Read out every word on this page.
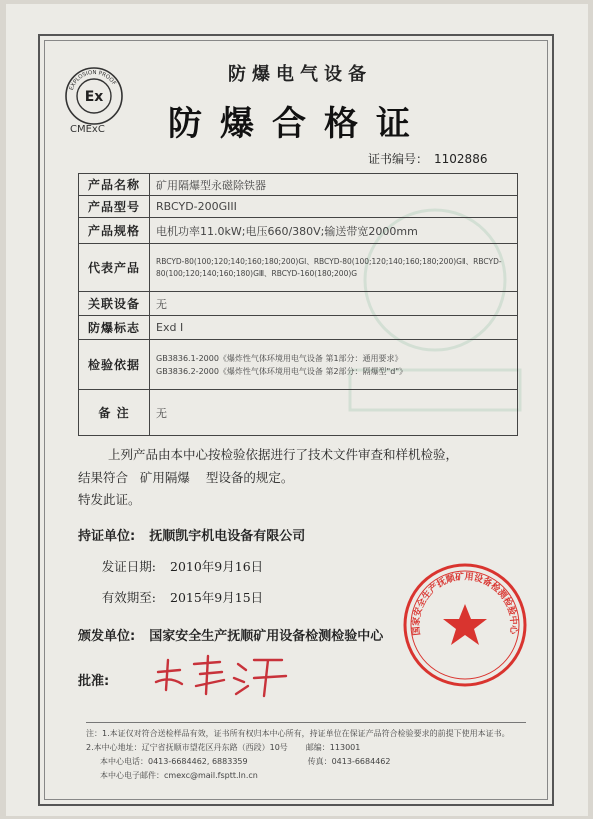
Ex
EXPLOSION PROOF
CMExC
防爆电气设备
防爆合格证
证书编号： 1102886
产品名称	矿用隔爆型永磁除铁器
产品型号	RBCYD-200GIII
产品规格	电机功率11.0kW;电压660/380V;输送带宽2000mm
代表产品	RBCYD-80(100;120;140;160;180;200)GⅠ、RBCYD-80(100;120;140;160;180;200)GⅡ、RBCYD-80(100;120;140;160;180)GⅢ、RBCYD-160(180;200)G
关联设备	无
防爆标志	Exd I
检验依据	GB3836.1-2000《爆炸性气体环境用电气设备 第1部分：通用要求》
GB3836.2-2000《爆炸性气体环境用电气设备 第2部分：隔爆型"d"》

备 注	无
上列产品由本中心按检验依据进行了技术文件审查和样机检验，
结果符合   矿用隔爆    型设备的规定。
特发此证。
持证单位: 抚顺凯宇机电设备有限公司
发证日期: 2010年9月16日
有效期至: 2015年9月15日
颁发单位: 国家安全生产抚顺矿用设备检测检验中心
批准:
国家安全生产抚顺矿用设备检测检验中心
注：1.本证仅对符合送检样品有效，证书所有权归本中心所有，持证单位在保证产品符合检验要求的前提下使用本证书。
2.本中心地址：辽宁省抚顺市望花区丹东路（西段）10号 邮编：113001
本中心电话：0413-6684462, 6883359	传真：0413-6684462
本中心电子邮件：cmexc@mail.fsptt.ln.cn
